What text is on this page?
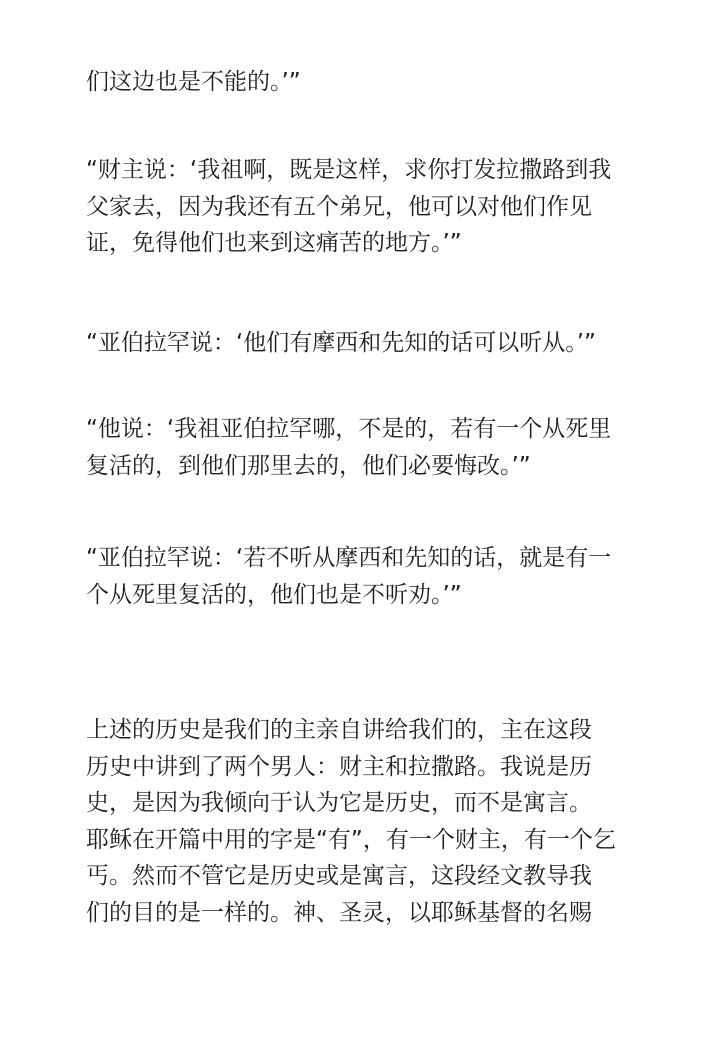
们这边也是不能的。’”

“财主说：‘我祖啊，既是这样，求你打发拉撒路到我
父家去，因为我还有五个弟兄，他可以对他们作见
证，免得他们也来到这痛苦的地方。’”

“亚伯拉罕说：‘他们有摩西和先知的话可以听从。’”

“他说：‘我祖亚伯拉罕哪，不是的，若有一个从死里
复活的，到他们那里去的，他们必要悔改。’”

“亚伯拉罕说：‘若不听从摩西和先知的话，就是有一
个从死里复活的，他们也是不听劝。’”

上述的历史是我们的主亲自讲给我们的，主在这段
历史中讲到了两个男人：财主和拉撒路。我说是历
史，是因为我倾向于认为它是历史，而不是寓言。
耶稣在开篇中用的字是“有”，有一个财主，有一个乞
丐。然而不管它是历史或是寓言，这段经文教导我
们的目的是一样的。神、圣灵，以耶稣基督的名赐
